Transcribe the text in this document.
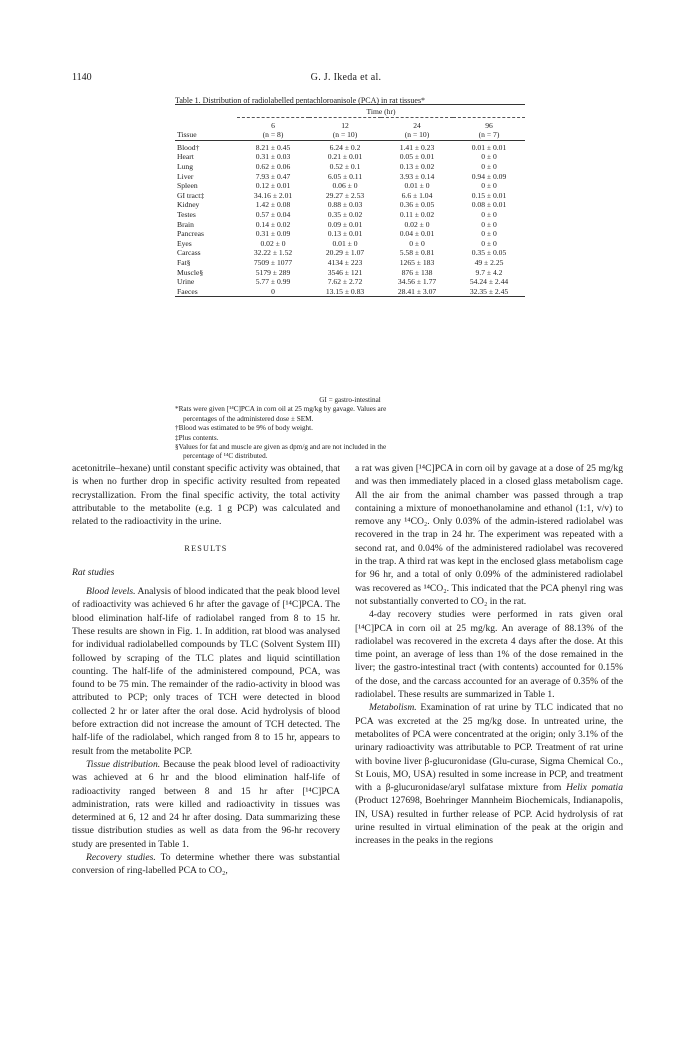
1140	G. J. Ikeda et al.
Table 1. Distribution of radiolabelled pentachloroanisole (PCA) in rat tissues*

	Time (hr)			

	6	12	24	96
Tissue	(n = 8)	(n = 10)	(n = 10)	(n = 7)

Blood†	8.21 ± 0.45	6.24 ± 0.2	1.41 ± 0.23	0.01 ± 0.01
Heart	0.31 ± 0.03	0.21 ± 0.01	0.05 ± 0.01	0 ± 0
Lung	0.62 ± 0.06	0.52 ± 0.1	0.13 ± 0.02	0 ± 0
Liver	7.93 ± 0.47	6.05 ± 0.11	3.93 ± 0.14	0.94 ± 0.09
Spleen	0.12 ± 0.01	0.06 ± 0	0.01 ± 0	0 ± 0
GI tract‡	34.16 ± 2.01	29.27 ± 2.53	6.6 ± 1.04	0.15 ± 0.01
Kidney	1.42 ± 0.08	0.88 ± 0.03	0.36 ± 0.05	0.08 ± 0.01
Testes	0.57 ± 0.04	0.35 ± 0.02	0.11 ± 0.02	0 ± 0
Brain	0.14 ± 0.02	0.09 ± 0.01	0.02 ± 0	0 ± 0
Pancreas	0.31 ± 0.09	0.13 ± 0.01	0.04 ± 0.01	0 ± 0
Eyes	0.02 ± 0	0.01 ± 0	0 ± 0	0 ± 0
Carcass	32.22 ± 1.52	20.29 ± 1.07	5.58 ± 0.81	0.35 ± 0.05
Fat§	7509 ± 1077	4134 ± 223	1265 ± 183	49 ± 2.25
Muscle§	5179 ± 289	3546 ± 121	876 ± 138	9.7 ± 4.2
Urine	5.77 ± 0.99	7.62 ± 2.72	34.56 ± 1.77	54.24 ± 2.44
Faeces	0	13.15 ± 0.83	28.41 ± 3.07	32.35 ± 2.45

GI = gastro-intestinal
*Rats were given [¹⁴C]PCA in corn oil at 25 mg/kg by gavage. Values are
percentages of the administered dose ± SEM.
†Blood was estimated to be 9% of body weight.
‡Plus contents.
§Values for fat and muscle are given as dpm/g and are not included in the
percentage of ¹⁴C distributed.

acetonitrile–hexane) until constant specific activity was obtained, that is when no further drop in specific activity resulted from repeated recrystallization. From the final specific activity, the total activity attributable to the metabolite (e.g. 1 g PCP) was calculated and related to the radioactivity in the urine.

RESULTS

Rat studies

Blood levels. Analysis of blood indicated that the peak blood level of radioactivity was achieved 6 hr after the gavage of [¹⁴C]PCA. The blood elimination half-life of radiolabel ranged from 8 to 15 hr. These results are shown in Fig. 1. In addition, rat blood was analysed for individual radiolabelled compounds by TLC (Solvent System III) followed by scraping of the TLC plates and liquid scintillation counting. The half-life of the administered compound, PCA, was found to be 75 min. The remainder of the radio-activity in blood was attributed to PCP; only traces of TCH were detected in blood collected 2 hr or later after the oral dose. Acid hydrolysis of blood before extraction did not increase the amount of TCH detected. The half-life of the radiolabel, which ranged from 8 to 15 hr, appears to result from the metabolite PCP.

Tissue distribution. Because the peak blood level of radioactivity was achieved at 6 hr and the blood elimination half-life of radioactivity ranged between 8 and 15 hr after [¹⁴C]PCA administration, rats were killed and radioactivity in tissues was determined at 6, 12 and 24 hr after dosing. Data summarizing these tissue distribution studies as well as data from the 96-hr recovery study are presented in Table 1.

Recovery studies. To determine whether there was substantial conversion of ring-labelled PCA to CO₂,

a rat was given [¹⁴C]PCA in corn oil by gavage at a dose of 25 mg/kg and was then immediately placed in a closed glass metabolism cage. All the air from the animal chamber was passed through a trap containing a mixture of monoethanolamine and ethanol (1:1, v/v) to remove any ¹⁴CO₂. Only 0.03% of the admin-istered radiolabel was recovered in the trap in 24 hr. The experiment was repeated with a second rat, and 0.04% of the administered radiolabel was recovered in the trap. A third rat was kept in the enclosed glass metabolism cage for 96 hr, and a total of only 0.09% of the administered radiolabel was recovered as ¹⁴CO₂. This indicated that the PCA phenyl ring was not substantially converted to CO₂ in the rat.

4-day recovery studies were performed in rats given oral [¹⁴C]PCA in corn oil at 25 mg/kg. An average of 88.13% of the radiolabel was recovered in the excreta 4 days after the dose. At this time point, an average of less than 1% of the dose remained in the liver; the gastro-intestinal tract (with contents) accounted for 0.15% of the dose, and the carcass accounted for an average of 0.35% of the radiolabel. These results are summarized in Table 1.

Metabolism. Examination of rat urine by TLC indicated that no PCA was excreted at the 25 mg/kg dose. In untreated urine, the metabolites of PCA were concentrated at the origin; only 3.1% of the urinary radioactivity was attributable to PCP. Treatment of rat urine with bovine liver β-glucuronidase (Glu-curase, Sigma Chemical Co., St Louis, MO, USA) resulted in some increase in PCP, and treatment with a β-glucuronidase/aryl sulfatase mixture from Helix pomatia (Product 127698, Boehringer Mannheim Biochemicals, Indianapolis, IN, USA) resulted in further release of PCP. Acid hydrolysis of rat urine resulted in virtual elimination of the peak at the origin and increases in the peaks in the regions
